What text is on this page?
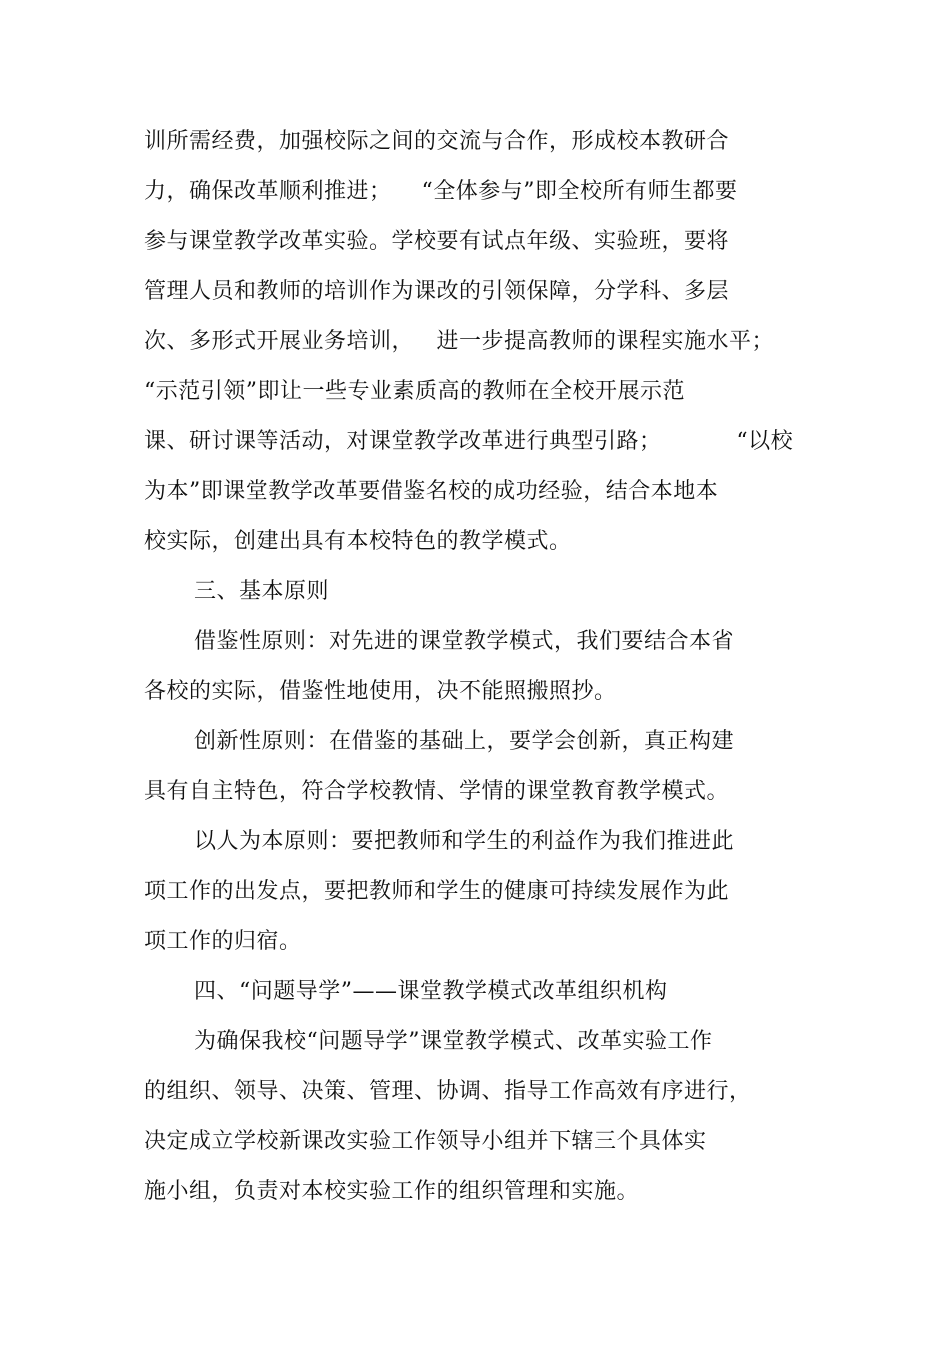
训所需经费，加强校际之间的交流与合作，形成校本教研合
力，确保改革顺利推进；    “全体参与”即全校所有师生都要
参与课堂教学改革实验。学校要有试点年级、实验班，要将
管理人员和教师的培训作为课改的引领保障，分学科、多层
次、多形式开展业务培训，   进一步提高教师的课程实施水平；
“示范引领”即让一些专业素质高的教师在全校开展示范
课、研讨课等活动，对课堂教学改革进行典型引路；          “以校
为本”即课堂教学改革要借鉴名校的成功经验，结合本地本
校实际，创建出具有本校特色的教学模式。
三、基本原则
借鉴性原则：对先进的课堂教学模式，我们要结合本省
各校的实际，借鉴性地使用，决不能照搬照抄。
创新性原则：在借鉴的基础上，要学会创新，真正构建
具有自主特色，符合学校教情、学情的课堂教育教学模式。
以人为本原则：要把教师和学生的利益作为我们推进此
项工作的出发点，要把教师和学生的健康可持续发展作为此
项工作的归宿。
四、“问题导学”——课堂教学模式改革组织机构
为确保我校“问题导学”课堂教学模式、改革实验工作
的组织、领导、决策、管理、协调、指导工作高效有序进行，
决定成立学校新课改实验工作领导小组并下辖三个具体实
施小组，负责对本校实验工作的组织管理和实施。
